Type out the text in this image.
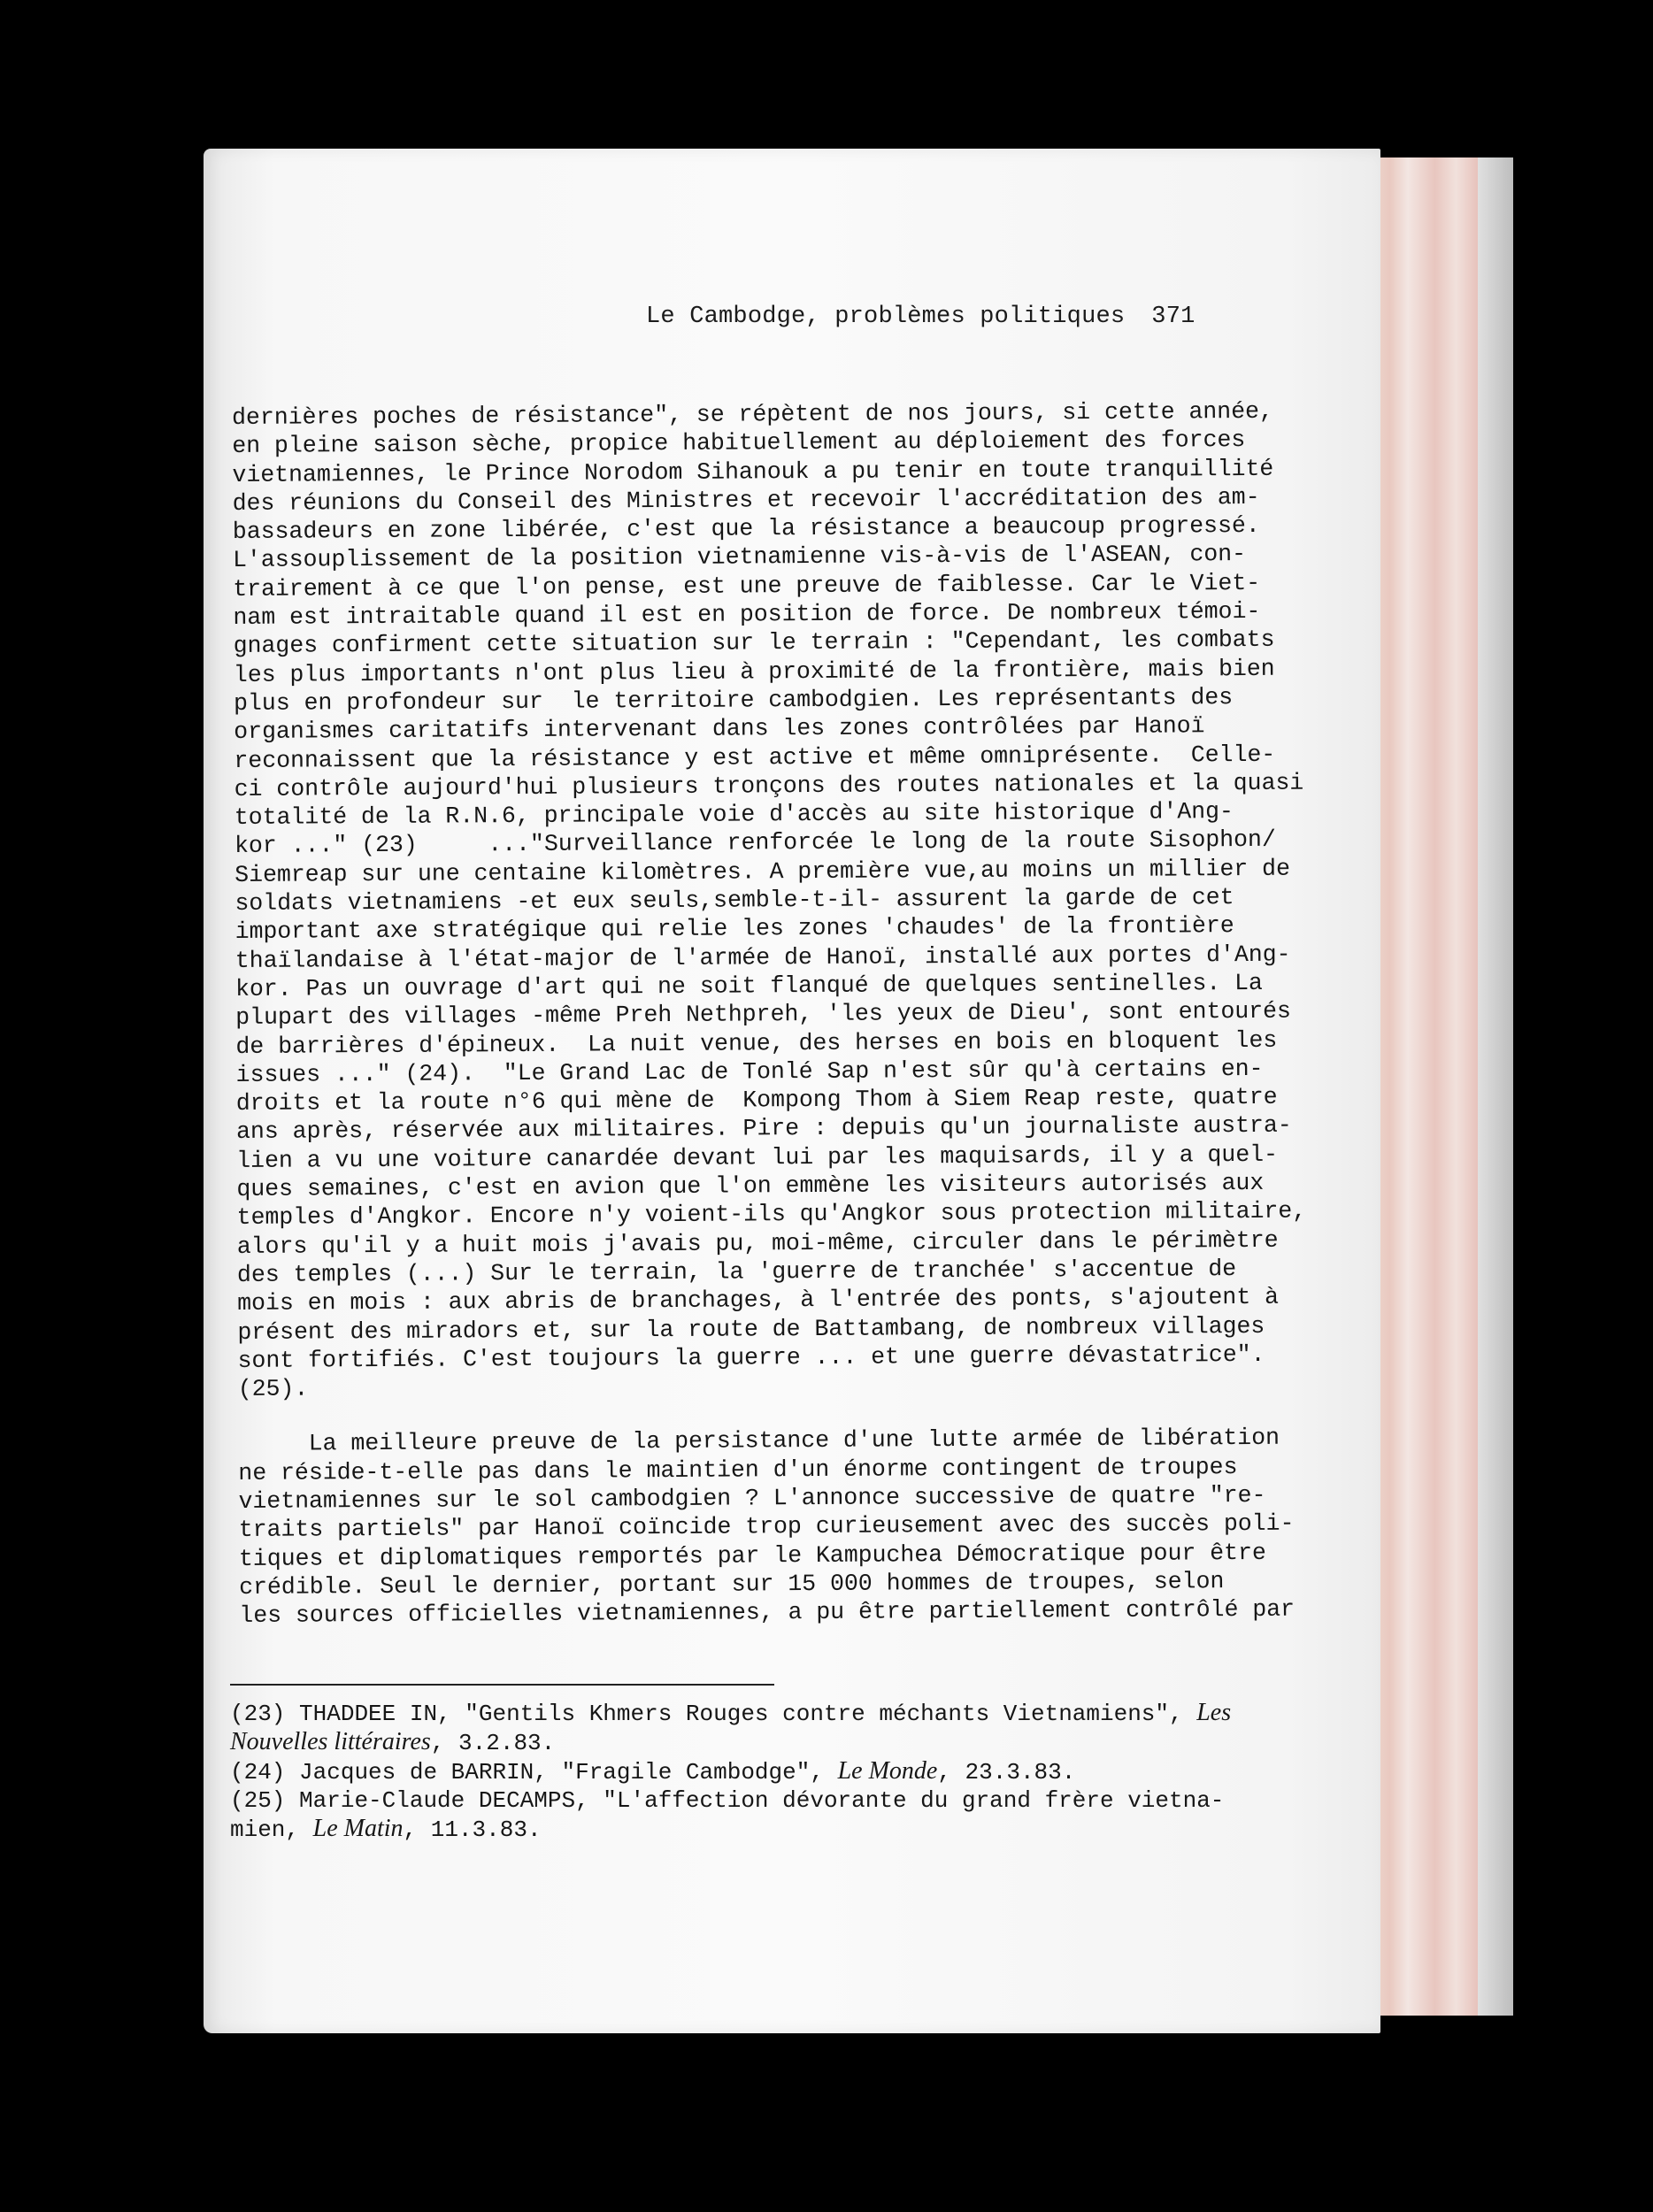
Le Cambodge, problèmes politiques 371
dernières poches de résistance", se répètent de nos jours, si cette année,
en pleine saison sèche, propice habituellement au déploiement des forces
vietnamiennes, le Prince Norodom Sihanouk a pu tenir en toute tranquillité
des réunions du Conseil des Ministres et recevoir l'accréditation des am-
bassadeurs en zone libérée, c'est que la résistance a beaucoup progressé.
L'assouplissement de la position vietnamienne vis-à-vis de l'ASEAN, con-
trairement à ce que l'on pense, est une preuve de faiblesse. Car le Viet-
nam est intraitable quand il est en position de force. De nombreux témoi-
gnages confirment cette situation sur le terrain : "Cependant, les combats
les plus importants n'ont plus lieu à proximité de la frontière, mais bien
plus en profondeur sur  le territoire cambodgien. Les représentants des
organismes caritatifs intervenant dans les zones contrôlées par Hanoï
reconnaissent que la résistance y est active et même omniprésente.  Celle-
ci contrôle aujourd'hui plusieurs tronçons des routes nationales et la quasi
totalité de la R.N.6, principale voie d'accès au site historique d'Ang-
kor ..." (23)     ..."Surveillance renforcée le long de la route Sisophon/
Siemreap sur une centaine kilomètres. A première vue,au moins un millier de
soldats vietnamiens -et eux seuls,semble-t-il- assurent la garde de cet
important axe stratégique qui relie les zones 'chaudes' de la frontière
thaïlandaise à l'état-major de l'armée de Hanoï, installé aux portes d'Ang-
kor. Pas un ouvrage d'art qui ne soit flanqué de quelques sentinelles. La
plupart des villages -même Preh Nethpreh, 'les yeux de Dieu', sont entourés
de barrières d'épineux.  La nuit venue, des herses en bois en bloquent les
issues ..." (24).  "Le Grand Lac de Tonlé Sap n'est sûr qu'à certains en-
droits et la route n°6 qui mène de  Kompong Thom à Siem Reap reste, quatre
ans après, réservée aux militaires. Pire : depuis qu'un journaliste austra-
lien a vu une voiture canardée devant lui par les maquisards, il y a quel-
ques semaines, c'est en avion que l'on emmène les visiteurs autorisés aux
temples d'Angkor. Encore n'y voient-ils qu'Angkor sous protection militaire,
alors qu'il y a huit mois j'avais pu, moi-même, circuler dans le périmètre
des temples (...) Sur le terrain, la 'guerre de tranchée' s'accentue de
mois en mois : aux abris de branchages, à l'entrée des ponts, s'ajoutent à
présent des miradors et, sur la route de Battambang, de nombreux villages
sont fortifiés. C'est toujours la guerre ... et une guerre dévastatrice".
(25).
La meilleure preuve de la persistance d'une lutte armée de libération
ne réside-t-elle pas dans le maintien d'un énorme contingent de troupes
vietnamiennes sur le sol cambodgien ? L'annonce successive de quatre "re-
traits partiels" par Hanoï coïncide trop curieusement avec des succès poli-
tiques et diplomatiques remportés par le Kampuchea Démocratique pour être
crédible. Seul le dernier, portant sur 15 000 hommes de troupes, selon
les sources officielles vietnamiennes, a pu être partiellement contrôlé par
(23) THADDEE IN, "Gentils Khmers Rouges contre méchants Vietnamiens", Les
Nouvelles littéraires, 3.2.83.
(24) Jacques de BARRIN, "Fragile Cambodge", Le Monde, 23.3.83.
(25) Marie-Claude DECAMPS, "L'affection dévorante du grand frère vietna-
mien, Le Matin, 11.3.83.
